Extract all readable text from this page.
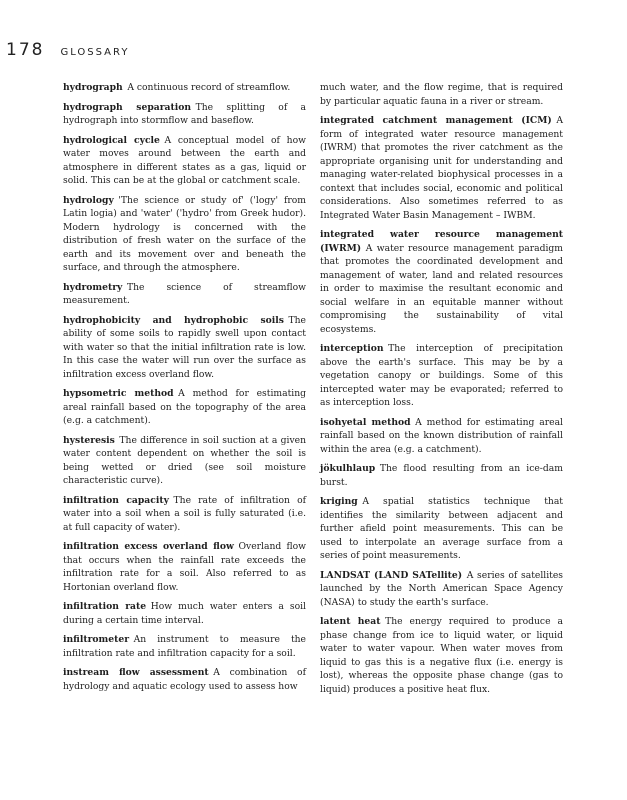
178 GLOSSARY

hydrograph  A continuous record of streamflow.

hydrograph separation  The splitting of a hydrograph into stormflow and baseflow.

hydrological cycle  A conceptual model of how water moves around between the earth and atmosphere in different states as a gas, liquid or solid. This can be at the global or catchment scale.

hydrology  'The science or study of' ('logy' from Latin logia) and 'water' ('hydro' from Greek hudor). Modern hydrology is concerned with the distribution of fresh water on the surface of the earth and its movement over and beneath the surface, and through the atmosphere.

hydrometry  The science of streamflow measurement.

hydrophobicity and hydrophobic soils  The ability of some soils to rapidly swell upon contact with water so that the initial infiltration rate is low. In this case the water will run over the surface as infiltration excess overland flow.

hypsometric method  A method for estimating areal rainfall based on the topography of the area (e.g. a catchment).

hysteresis  The difference in soil suction at a given water content dependent on whether the soil is being wetted or dried (see soil moisture characteristic curve).

infiltration capacity  The rate of infiltration of water into a soil when a soil is fully saturated (i.e. at full capacity of water).

infiltration excess overland flow  Overland flow that occurs when the rainfall rate exceeds the infiltration rate for a soil. Also referred to as Hortonian overland flow.

infiltration rate  How much water enters a soil during a certain time interval.

infiltrometer  An instrument to measure the infiltration rate and infiltration capacity for a soil.

instream flow assessment  A combination of hydrology and aquatic ecology used to assess how

much water, and the flow regime, that is required by particular aquatic fauna in a river or stream.

integrated catchment management (ICM)  A form of integrated water resource management (IWRM) that promotes the river catchment as the appropriate organising unit for understanding and managing water-related biophysical processes in a context that includes social, economic and political considerations. Also sometimes referred to as Integrated Water Basin Management – IWBM.

integrated water resource management (IWRM)  A water resource management paradigm that promotes the coordinated development and management of water, land and related resources in order to maximise the resultant economic and social welfare in an equitable manner without compromising the sustainability of vital ecosystems.

interception  The interception of precipitation above the earth's surface. This may be by a vegetation canopy or buildings. Some of this intercepted water may be evaporated; referred to as interception loss.

isohyetal method  A method for estimating areal rainfall based on the known distribution of rainfall within the area (e.g. a catchment).

jökulhlaup  The flood resulting from an ice-dam burst.

kriging  A spatial statistics technique that identifies the similarity between adjacent and further afield point measurements. This can be used to interpolate an average surface from a series of point measurements.

LANDSAT (LAND SATellite)  A series of satellites launched by the North American Space Agency (NASA) to study the earth's surface.

latent heat  The energy required to produce a phase change from ice to liquid water, or liquid water to water vapour. When water moves from liquid to gas this is a negative flux (i.e. energy is lost), whereas the opposite phase change (gas to liquid) produces a positive heat flux.
